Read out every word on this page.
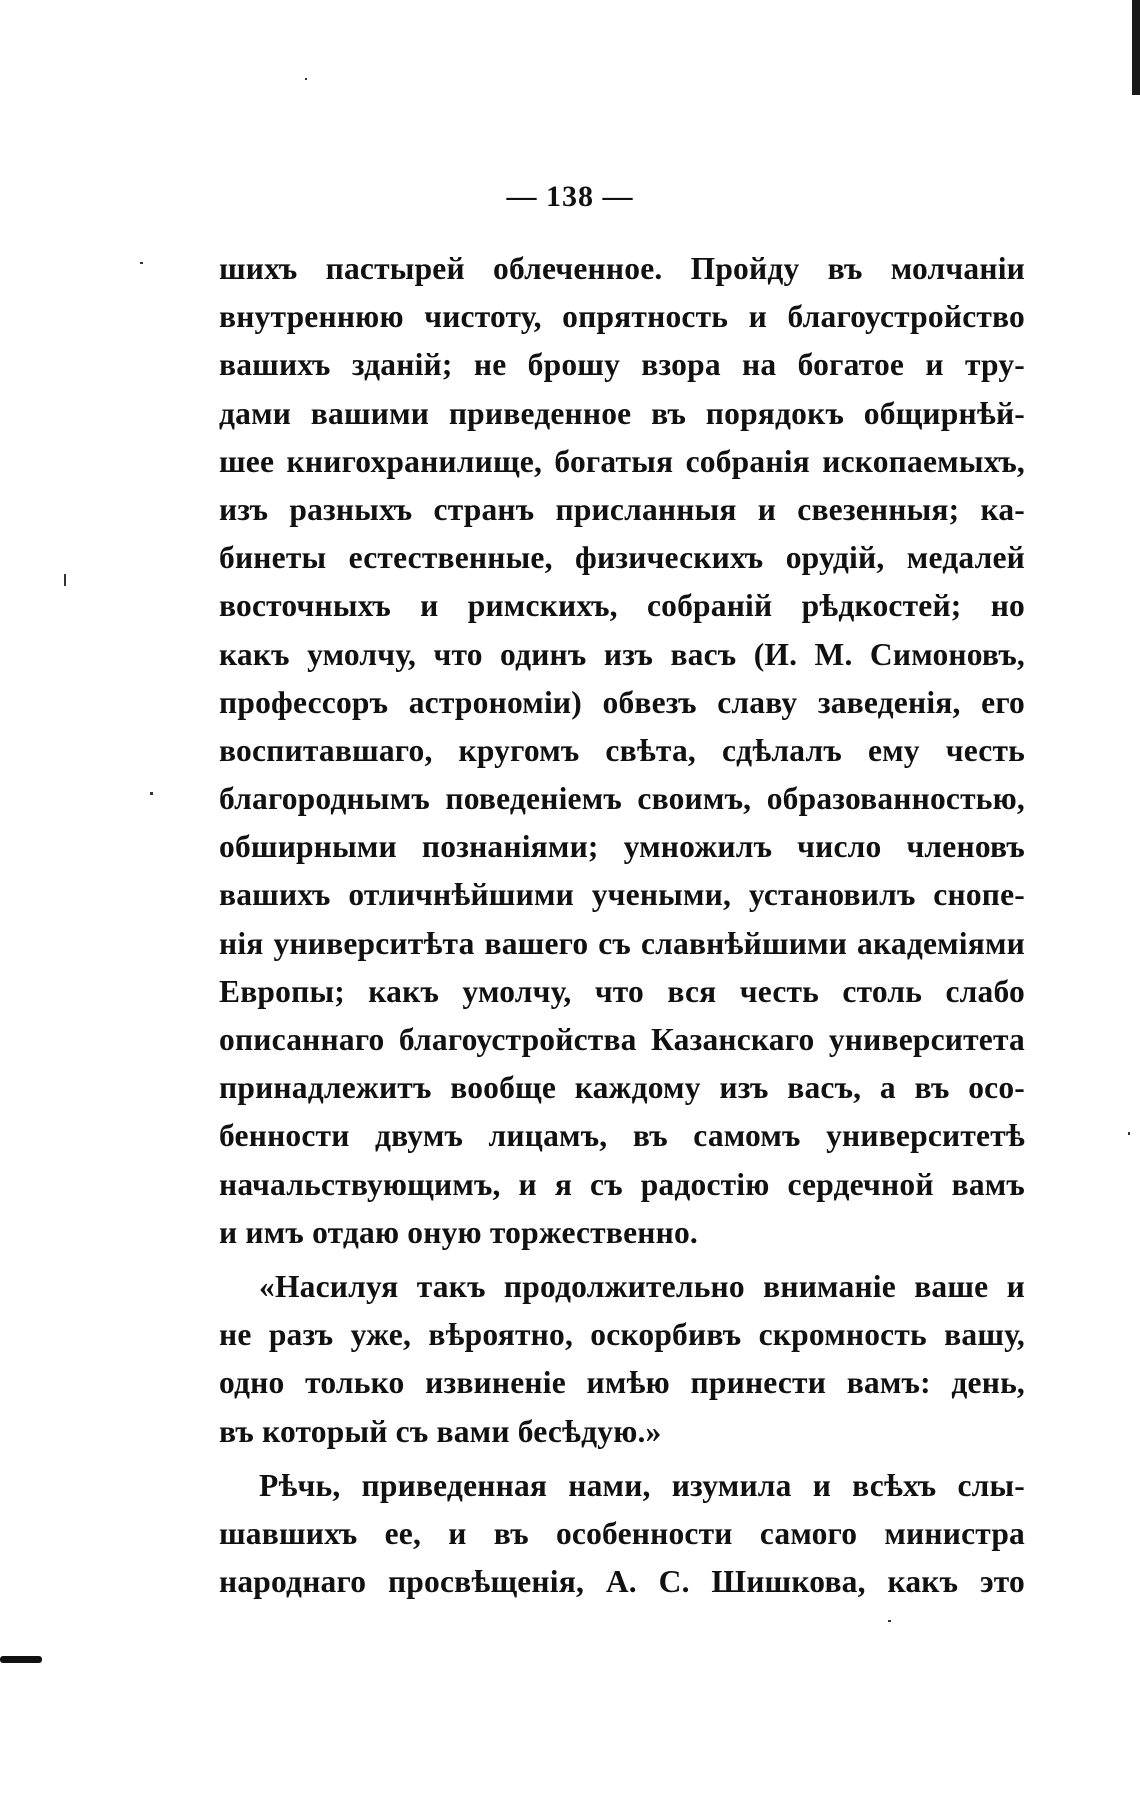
— 138 —
шихъ пастырей облеченное. Пройду въ молчаніи
внутреннюю чистоту, опрятность и благоустройство
вашихъ зданій; не брошу взора на богатое и тру-
дами вашими приведенное въ порядокъ общирнѣй-
шее книгохранилище, богатыя собранія ископаемыхъ,
изъ разныхъ странъ присланныя и свезенныя; ка-
бинеты естественные, физическихъ орудій, медалей
восточныхъ и римскихъ, собраній рѣдкостей; но
какъ умолчу, что одинъ изъ васъ (И. М. Симоновъ,
профессоръ астрономіи) обвезъ славу заведенія, его
воспитавшаго, кругомъ свѣта, сдѣлалъ ему честь
благороднымъ поведеніемъ своимъ, образованностью,
обширными познаніями; умножилъ число членовъ
вашихъ отличнѣйшими учеными, установилъ снопе-
нія университѣта вашего съ славнѣйшими академіями
Европы; какъ умолчу, что вся честь столь слабо
описаннаго благоустройства Казанскаго университета
принадлежитъ вообще каждому изъ васъ, а въ осо-
бенности двумъ лицамъ, въ самомъ университетѣ
начальствующимъ, и я съ радостію сердечной вамъ
и имъ отдаю оную торжественно.
«Насилуя такъ продолжительно вниманіе ваше и
не разъ уже, вѣроятно, оскорбивъ скромность вашу,
одно только извиненіе имѣю принести вамъ: день,
въ который съ вами бесѣдую.»
Рѣчь, приведенная нами, изумила и всѣхъ слы-
шавшихъ ее, и въ особенности самого министра
народнаго просвѣщенія, А. С. Шишкова, какъ это
